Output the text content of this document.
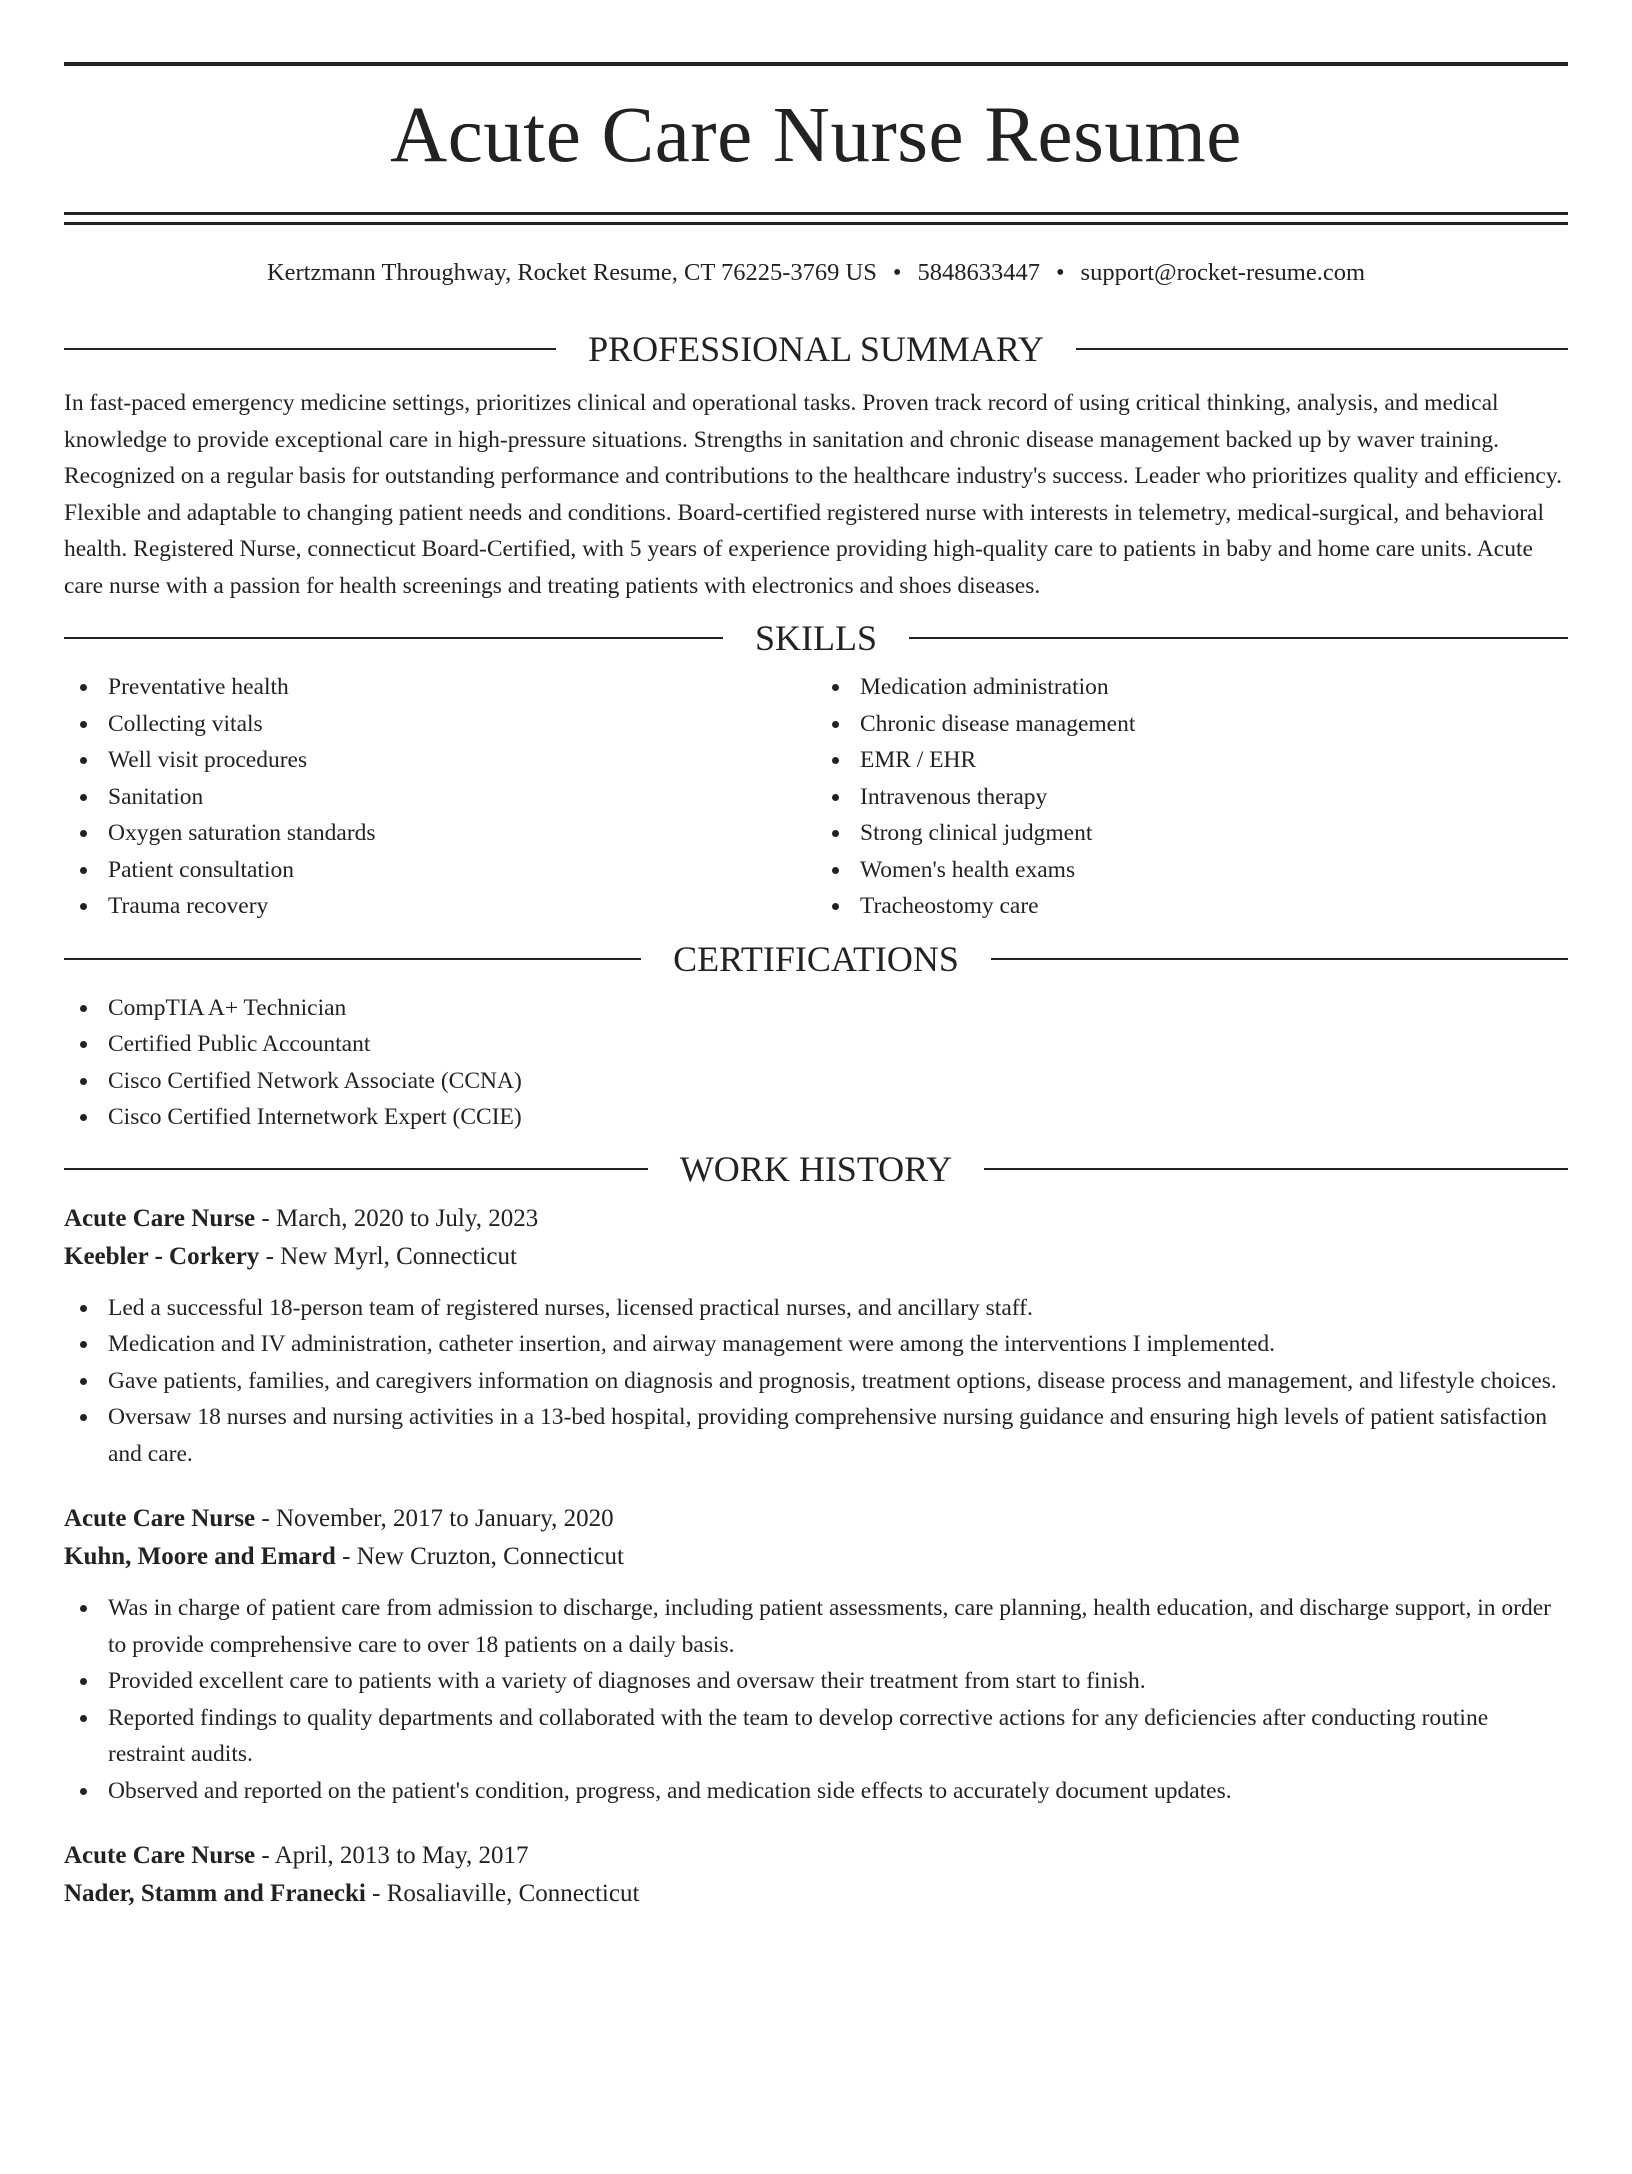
Acute Care Nurse Resume
Kertzmann Throughway, Rocket Resume, CT 76225-3769 US • 5848633447 • support@rocket-resume.com
PROFESSIONAL SUMMARY

In fast-paced emergency medicine settings, prioritizes clinical and operational tasks. Proven track record of using critical thinking, analysis, and medical knowledge to provide exceptional care in high-pressure situations. Strengths in sanitation and chronic disease management backed up by waver training. Recognized on a regular basis for outstanding performance and contributions to the healthcare industry's success. Leader who prioritizes quality and efficiency. Flexible and adaptable to changing patient needs and conditions. Board-certified registered nurse with interests in telemetry, medical-surgical, and behavioral health. Registered Nurse, connecticut Board-Certified, with 5 years of experience providing high-quality care to patients in baby and home care units. Acute care nurse with a passion for health screenings and treating patients with electronics and shoes diseases.

SKILLS
Preventative health
Collecting vitals
Well visit procedures
Sanitation
Oxygen saturation standards
Patient consultation
Trauma recovery
Medication administration
Chronic disease management
EMR / EHR
Intravenous therapy
Strong clinical judgment
Women's health exams
Tracheostomy care
CERTIFICATIONS
CompTIA A+ Technician
Certified Public Accountant
Cisco Certified Network Associate (CCNA)
Cisco Certified Internetwork Expert (CCIE)
WORK HISTORY
Acute Care Nurse - March, 2020 to July, 2023
Keebler - Corkery - New Myrl, Connecticut
Led a successful 18-person team of registered nurses, licensed practical nurses, and ancillary staff.
Medication and IV administration, catheter insertion, and airway management were among the interventions I implemented.
Gave patients, families, and caregivers information on diagnosis and prognosis, treatment options, disease process and management, and lifestyle choices.
Oversaw 18 nurses and nursing activities in a 13-bed hospital, providing comprehensive nursing guidance and ensuring high levels of patient satisfaction and care.
Acute Care Nurse - November, 2017 to January, 2020
Kuhn, Moore and Emard - New Cruzton, Connecticut
Was in charge of patient care from admission to discharge, including patient assessments, care planning, health education, and discharge support, in order to provide comprehensive care to over 18 patients on a daily basis.
Provided excellent care to patients with a variety of diagnoses and oversaw their treatment from start to finish.
Reported findings to quality departments and collaborated with the team to develop corrective actions for any deficiencies after conducting routine restraint audits.
Observed and reported on the patient's condition, progress, and medication side effects to accurately document updates.
Acute Care Nurse - April, 2013 to May, 2017
Nader, Stamm and Franecki - Rosaliaville, Connecticut
